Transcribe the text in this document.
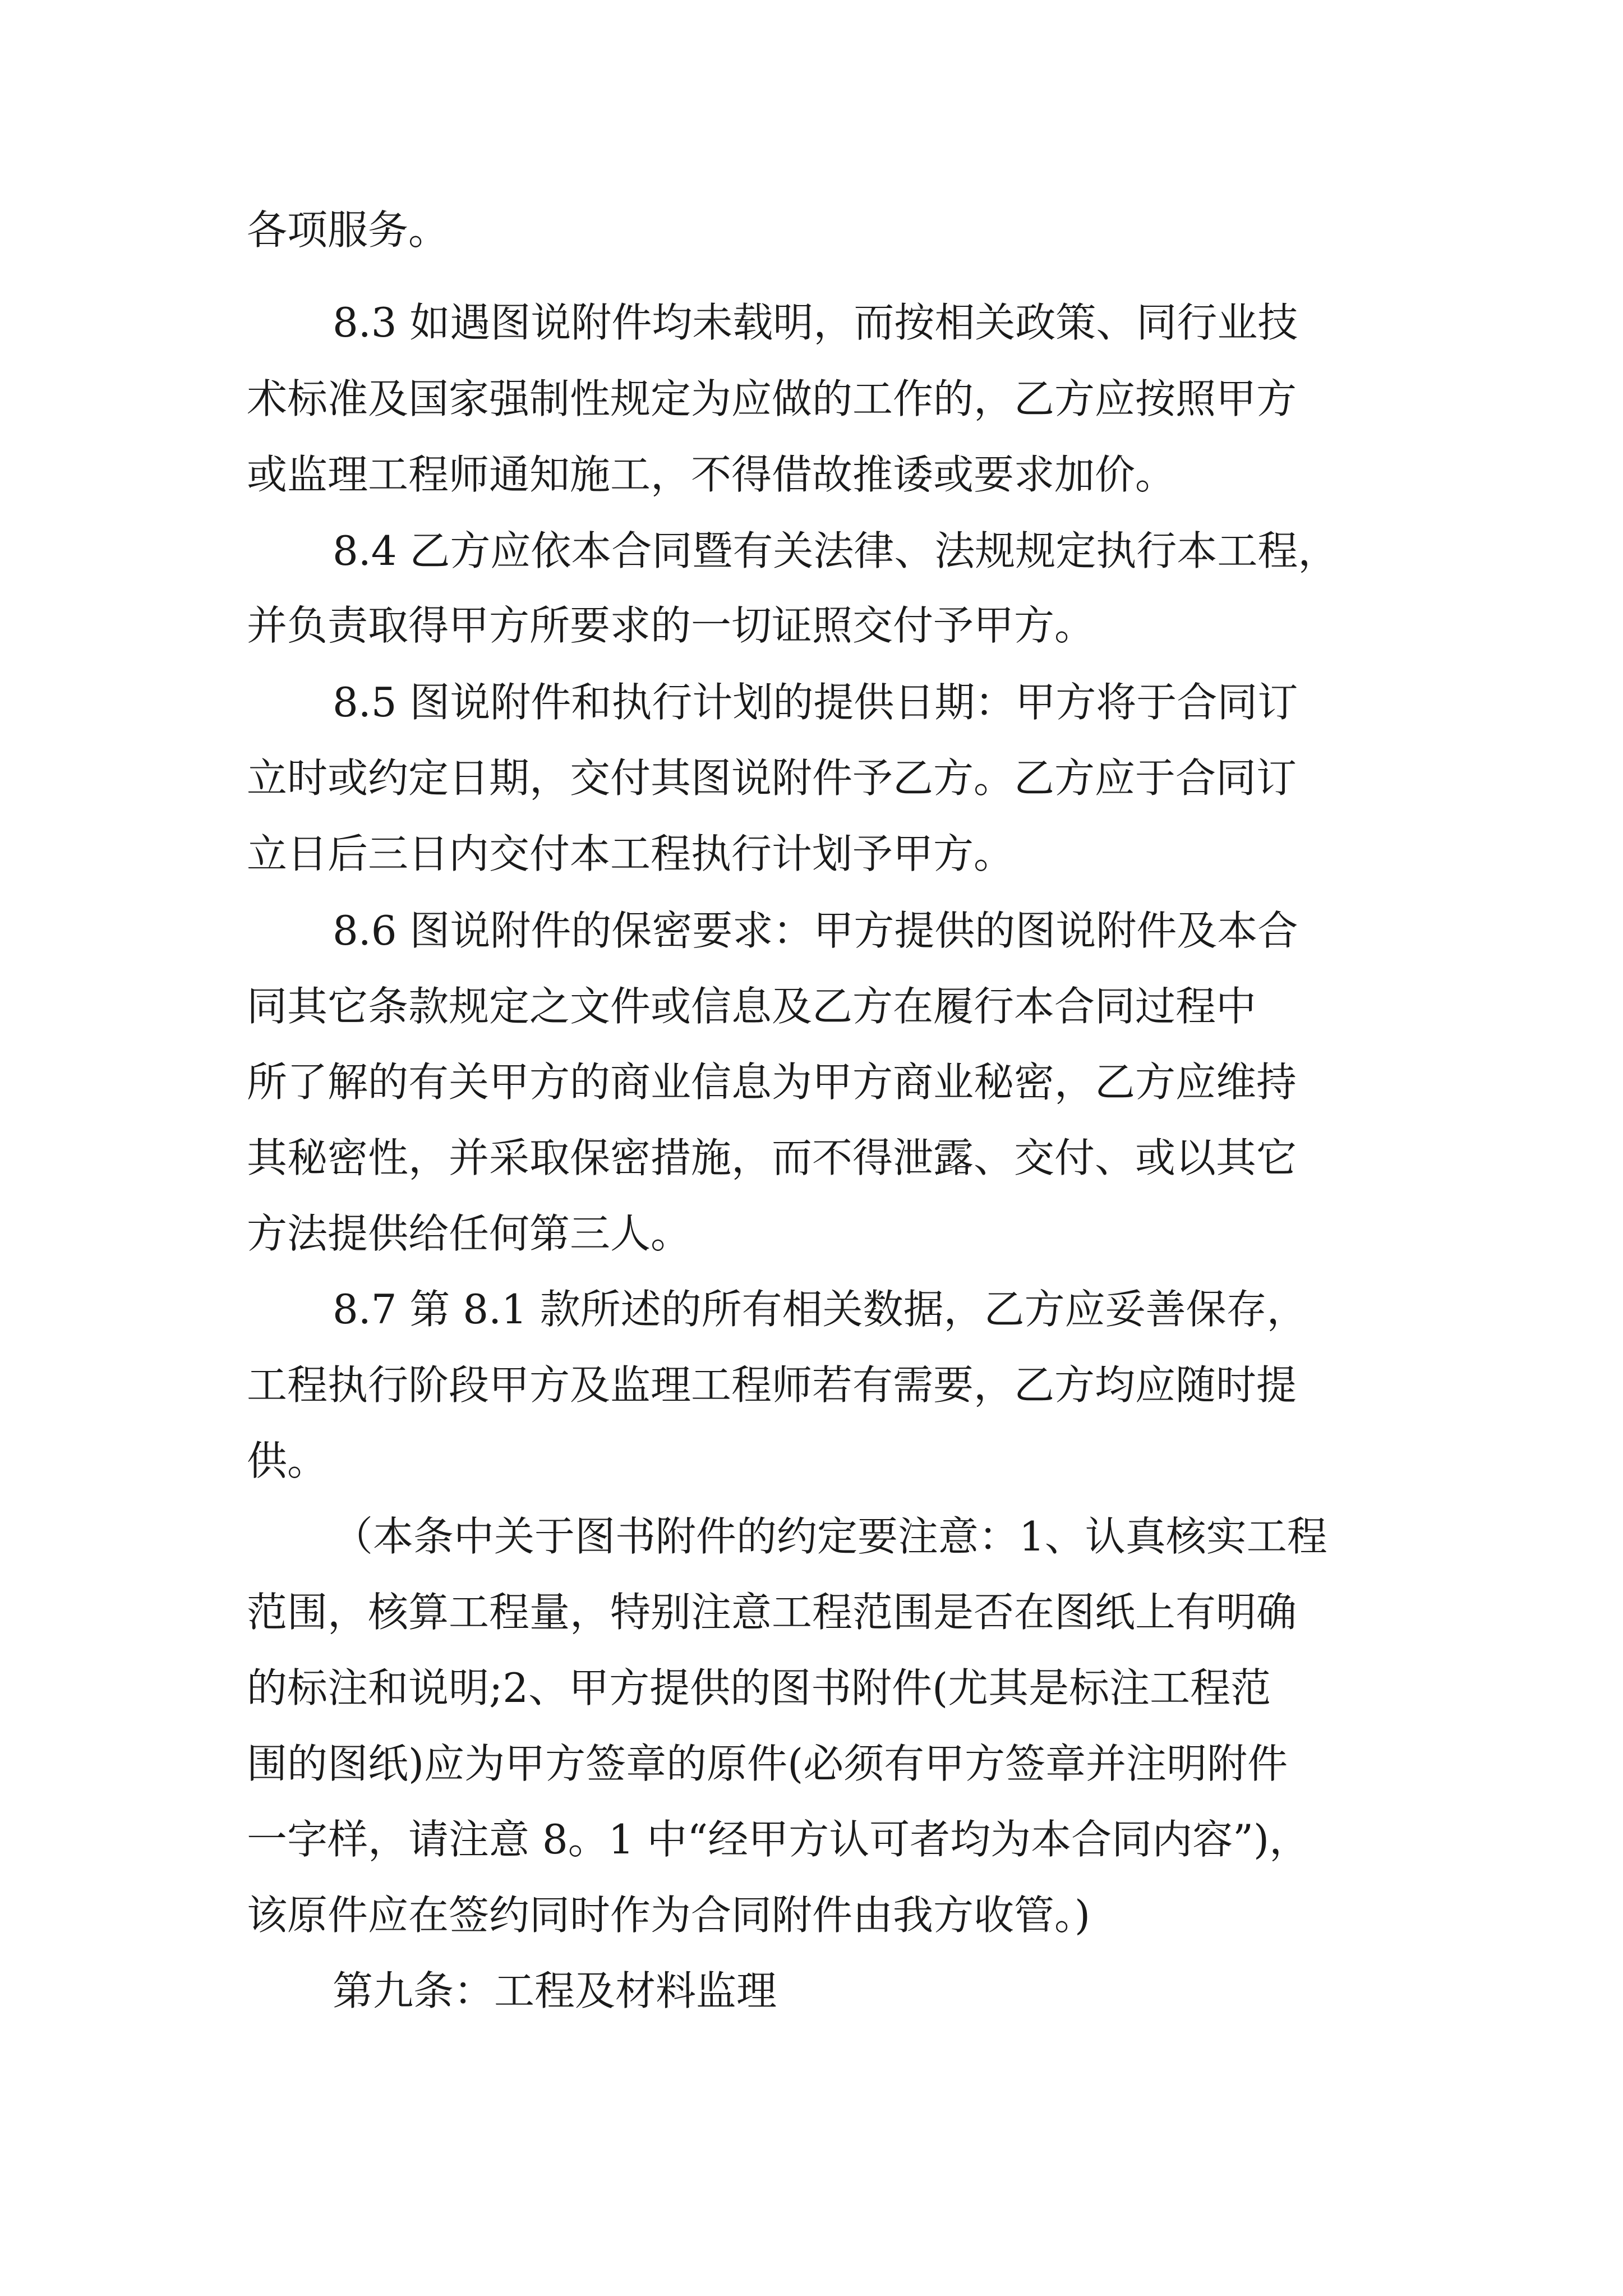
各项服务。
8.3 如遇图说附件均未载明，而按相关政策、同行业技
术标准及国家强制性规定为应做的工作的，乙方应按照甲方
或监理工程师通知施工，不得借故推诿或要求加价。
8.4 乙方应依本合同暨有关法律、法规规定执行本工程，
并负责取得甲方所要求的一切证照交付予甲方。
8.5 图说附件和执行计划的提供日期：甲方将于合同订
立时或约定日期，交付其图说附件予乙方。乙方应于合同订
立日后三日内交付本工程执行计划予甲方。
8.6 图说附件的保密要求：甲方提供的图说附件及本合
同其它条款规定之文件或信息及乙方在履行本合同过程中
所了解的有关甲方的商业信息为甲方商业秘密，乙方应维持
其秘密性，并采取保密措施，而不得泄露、交付、或以其它
方法提供给任何第三人。
8.7 第 8.1 款所述的所有相关数据，乙方应妥善保存，
工程执行阶段甲方及监理工程师若有需要，乙方均应随时提
供。
（本条中关于图书附件的约定要注意：1、认真核实工程
范围，核算工程量，特别注意工程范围是否在图纸上有明确
的标注和说明;2、甲方提供的图书附件(尤其是标注工程范
围的图纸)应为甲方签章的原件(必须有甲方签章并注明附件
一字样，请注意 8。1 中“经甲方认可者均为本合同内容”)，
该原件应在签约同时作为合同附件由我方收管。)
第九条：工程及材料监理
